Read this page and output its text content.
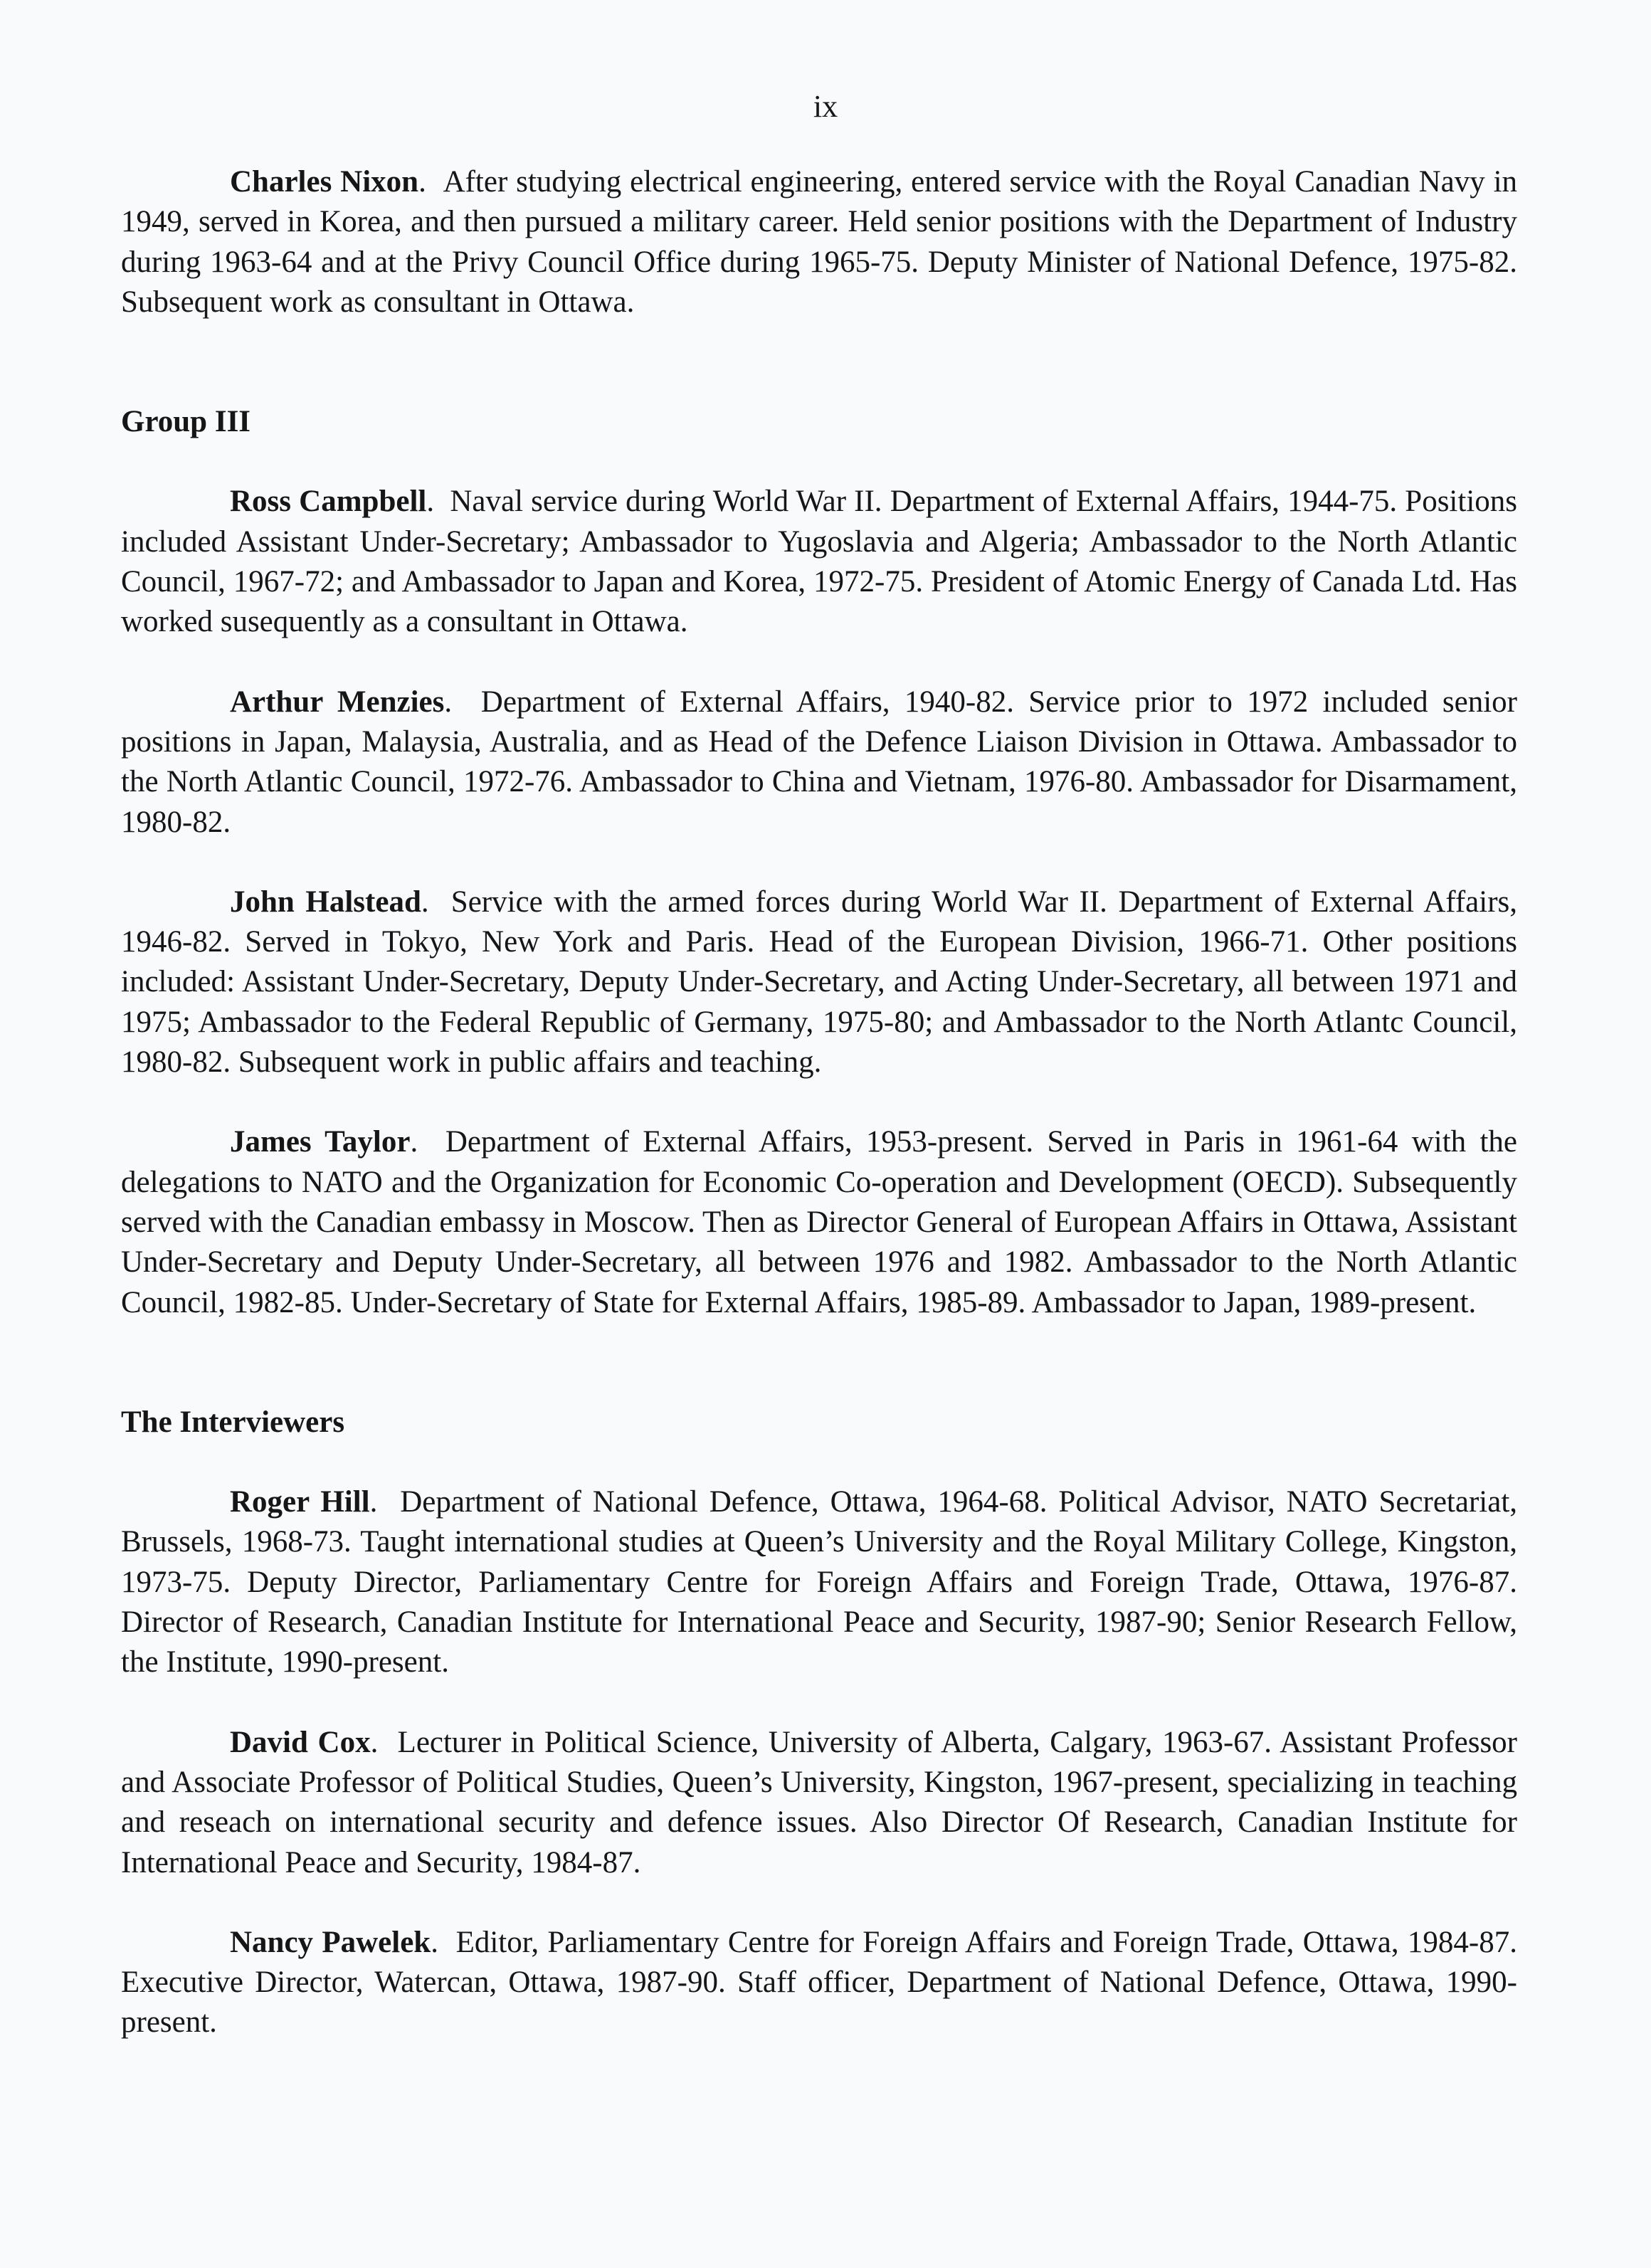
ix

Charles Nixon.  After studying electrical engineering, entered service with the Royal Canadian Navy in 1949, served in Korea, and then pursued a military career. Held senior positions with the Department of Industry during 1963-64 and at the Privy Council Office during 1965-75. Deputy Minister of National Defence, 1975-82. Subsequent work as consultant in Ottawa.

Group III

Ross Campbell.  Naval service during World War II. Department of External Affairs, 1944-75. Positions included Assistant Under-Secretary; Ambassador to Yugoslavia and Algeria; Ambassador to the North Atlantic Council, 1967-72; and Ambassador to Japan and Korea, 1972-75. President of Atomic Energy of Canada Ltd. Has worked susequently as a consultant in Ottawa.

Arthur Menzies.  Department of External Affairs, 1940-82. Service prior to 1972 included senior positions in Japan, Malaysia, Australia, and as Head of the Defence Liaison Division in Ottawa. Ambassador to the North Atlantic Council, 1972-76. Ambassador to China and Vietnam, 1976-80. Ambassador for Disarmament, 1980-82.

John Halstead.  Service with the armed forces during World War II. Department of External Affairs, 1946-82. Served in Tokyo, New York and Paris. Head of the European Division, 1966-71. Other positions included: Assistant Under-Secretary, Deputy Under-Secretary, and Acting Under-Secretary, all between 1971 and 1975; Ambassador to the Federal Republic of Germany, 1975-80; and Ambassador to the North Atlantc Council, 1980-82. Subsequent work in public affairs and teaching.

James Taylor.  Department of External Affairs, 1953-present. Served in Paris in 1961-64 with the delegations to NATO and the Organization for Economic Co-operation and Development (OECD). Subsequently served with the Canadian embassy in Moscow. Then as Director General of European Affairs in Ottawa, Assistant Under-Secretary and Deputy Under-Secretary, all between 1976 and 1982. Ambassador to the North Atlantic Council, 1982-85. Under-Secretary of State for External Affairs, 1985-89. Ambassador to Japan, 1989-present.

The Interviewers

Roger Hill.  Department of National Defence, Ottawa, 1964-68. Political Advisor, NATO Secretariat, Brussels, 1968-73. Taught international studies at Queen’s University and the Royal Military College, Kingston, 1973-75. Deputy Director, Parliamentary Centre for Foreign Affairs and Foreign Trade, Ottawa, 1976-87. Director of Research, Canadian Institute for International Peace and Security, 1987-90; Senior Research Fellow, the Institute, 1990-present.

David Cox.  Lecturer in Political Science, University of Alberta, Calgary, 1963-67. Assistant Professor and Associate Professor of Political Studies, Queen’s University, Kingston, 1967-present, specializing in teaching and reseach on international security and defence issues. Also Director Of Research, Canadian Institute for International Peace and Security, 1984-87.

Nancy Pawelek.  Editor, Parliamentary Centre for Foreign Affairs and Foreign Trade, Ottawa, 1984-87. Executive Director, Watercan, Ottawa, 1987-90. Staff officer, Department of National Defence, Ottawa, 1990-present.
